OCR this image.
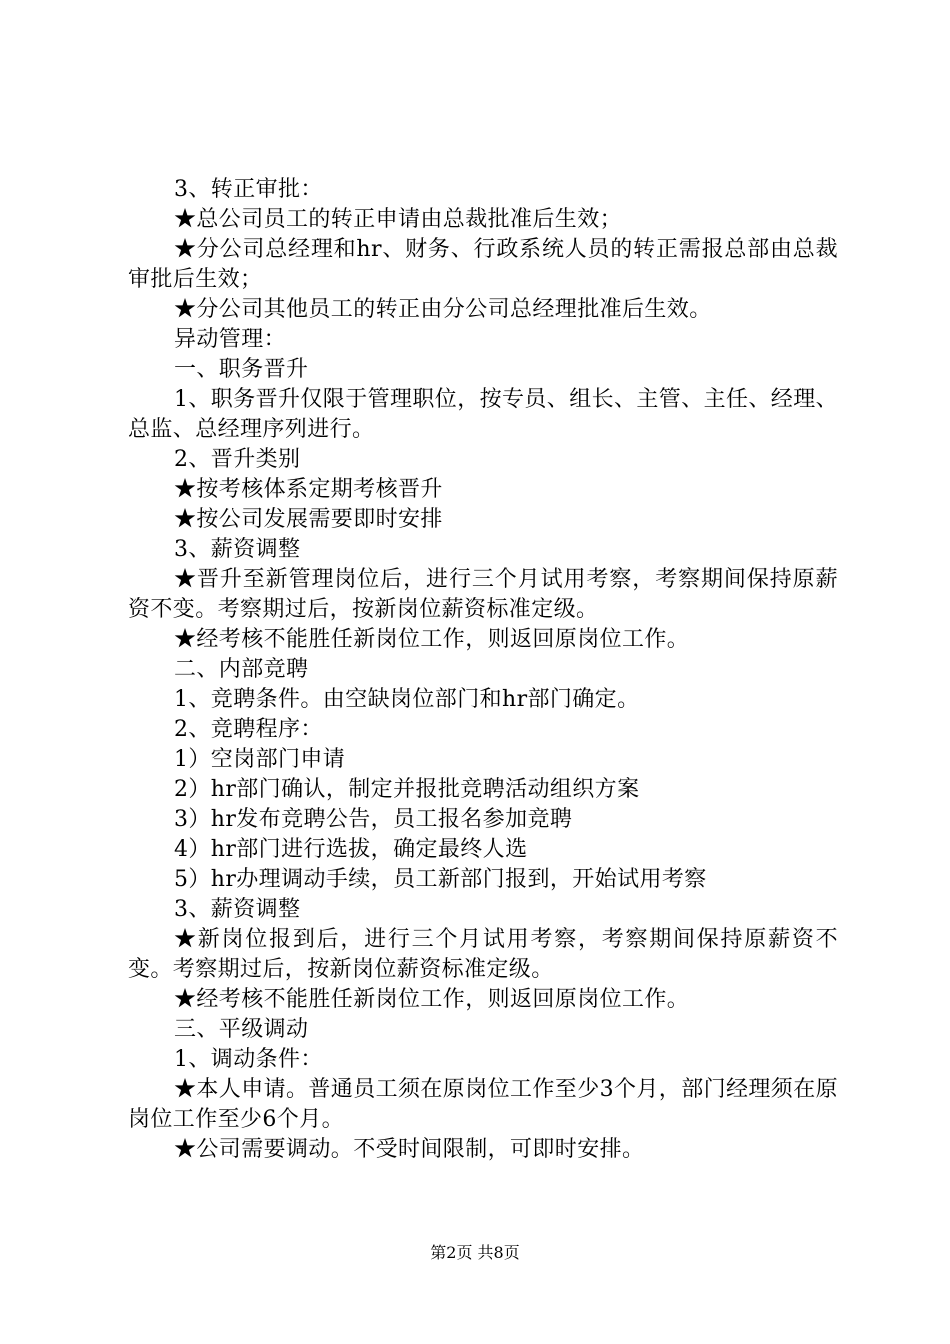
3、转正审批：

★总公司员工的转正申请由总裁批准后生效；

★分公司总经理和hr、财务、行政系统人员的转正需报总部由总裁审批后生效；

★分公司其他员工的转正由分公司总经理批准后生效。

异动管理：

一、职务晋升

1、职务晋升仅限于管理职位，按专员、组长、主管、主任、经理、总监、总经理序列进行。

2、晋升类别

★按考核体系定期考核晋升

★按公司发展需要即时安排

3、薪资调整

★晋升至新管理岗位后，进行三个月试用考察，考察期间保持原薪资不变。考察期过后，按新岗位薪资标准定级。

★经考核不能胜任新岗位工作，则返回原岗位工作。

二、内部竞聘

1、竞聘条件。由空缺岗位部门和hr部门确定。

2、竞聘程序：

1）空岗部门申请

2）hr部门确认，制定并报批竞聘活动组织方案

3）hr发布竞聘公告，员工报名参加竞聘

4）hr部门进行选拔，确定最终人选

5）hr办理调动手续，员工新部门报到，开始试用考察

3、薪资调整

★新岗位报到后，进行三个月试用考察，考察期间保持原薪资不变。考察期过后，按新岗位薪资标准定级。

★经考核不能胜任新岗位工作，则返回原岗位工作。

三、平级调动

1、调动条件：

★本人申请。普通员工须在原岗位工作至少3个月，部门经理须在原岗位工作至少6个月。

★公司需要调动。不受时间限制，可即时安排。

第2页 共8页
